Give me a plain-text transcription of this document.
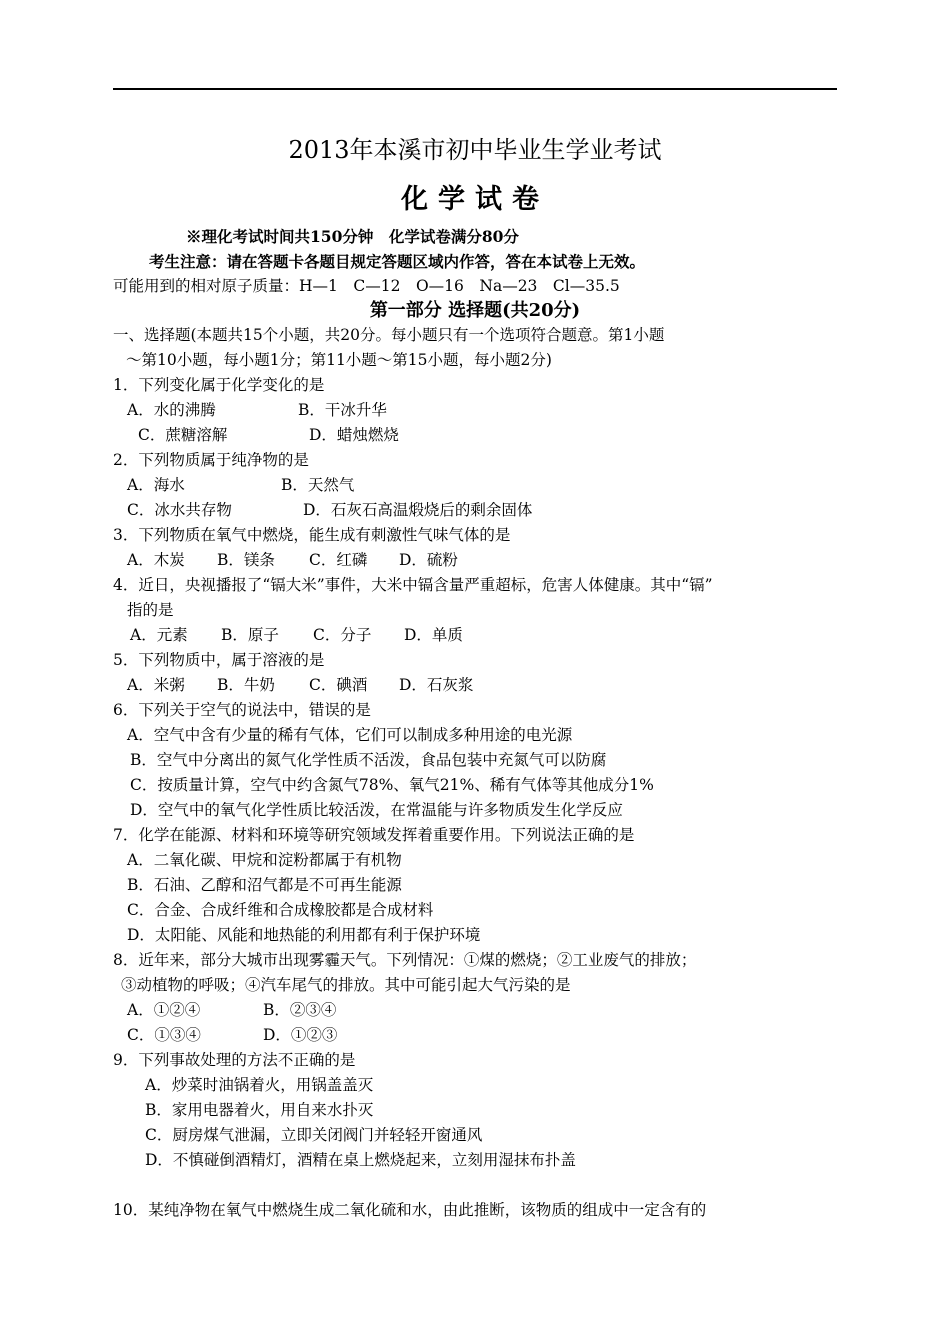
2013年本溪市初中毕业生学业考试
化学试卷
※理化考试时间共150分钟　化学试卷满分80分
考生注意：请在答题卡各题目规定答题区域内作答，答在本试卷上无效。
可能用到的相对原子质量：H—1　C—12　O—16　Na—23　Cl—35.5
第一部分 选择题(共20分)
一、选择题(本题共15个小题，共20分。每小题只有一个选项符合题意。第1小题
～第10小题，每小题1分；第11小题～第15小题，每小题2分)
1．下列变化属于化学变化的是
A．水的沸腾	B．干冰升华
C．蔗糖溶解	D．蜡烛燃烧
2．下列物质属于纯净物的是
A．海水	B．天然气
C．冰水共存物	D．石灰石高温煅烧后的剩余固体
3．下列物质在氧气中燃烧，能生成有刺激性气味气体的是
A．木炭 B．镁条 C．红磷 D．硫粉
4．近日，央视播报了“镉大米”事件，大米中镉含量严重超标，危害人体健康。其中“镉”
指的是
A．元素 B．原子 C．分子 D．单质
5．下列物质中，属于溶液的是
A．米粥 B．牛奶 C．碘酒 D．石灰浆
6．下列关于空气的说法中，错误的是
A．空气中含有少量的稀有气体，它们可以制成多种用途的电光源
B．空气中分离出的氮气化学性质不活泼，食品包装中充氮气可以防腐
C．按质量计算，空气中约含氮气78%、氧气21%、稀有气体等其他成分1%
D．空气中的氧气化学性质比较活泼，在常温能与许多物质发生化学反应
7．化学在能源、材料和环境等研究领域发挥着重要作用。下列说法正确的是
A．二氧化碳、甲烷和淀粉都属于有机物
B．石油、乙醇和沼气都是不可再生能源
C．合金、合成纤维和合成橡胶都是合成材料
D．太阳能、风能和地热能的利用都有利于保护环境
8．近年来，部分大城市出现雾霾天气。下列情况：①煤的燃烧；②工业废气的排放；
③动植物的呼吸；④汽车尾气的排放。其中可能引起大气污染的是
A．①②④	B．②③④
C．①③④	D．①②③
9．下列事故处理的方法不正确的是
A．炒菜时油锅着火，用锅盖盖灭
B．家用电器着火，用自来水扑灭
C．厨房煤气泄漏，立即关闭阀门并轻轻开窗通风
D．不慎碰倒酒精灯，酒精在桌上燃烧起来，立刻用湿抹布扑盖
10．某纯净物在氧气中燃烧生成二氧化硫和水，由此推断，该物质的组成中一定含有的
